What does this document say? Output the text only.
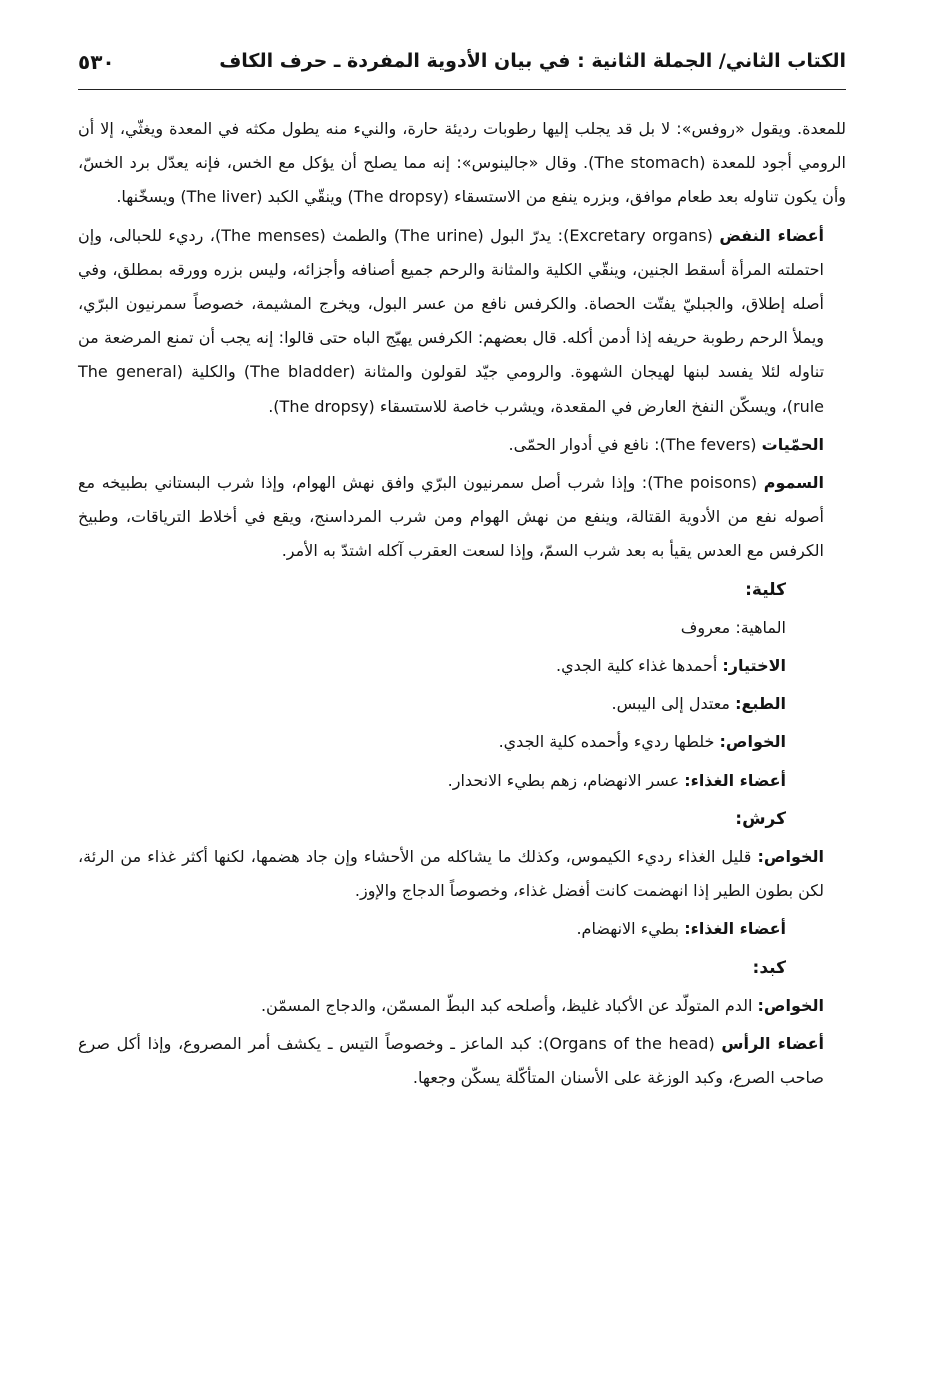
الكتاب الثاني/ الجملة الثانية : في بيان الأدوية المفردة ـ حرف الكاف
٥٣٠

للمعدة. ويقول «روفس»: لا بل قد يجلب إليها رطوبات رديئة حارة، والنيء منه يطول مكثه في المعدة ويغثّي، إلا أن الرومي أجود للمعدة (The stomach). وقال «جالينوس»: إنه مما يصلح أن يؤكل مع الخس، فإنه يعدّل برد الخسّ، وأن يكون تناوله بعد طعام موافق، وبزره ينفع من الاستسقاء (The dropsy) وينقّي الكبد (The liver) ويسخّنها.

أعضاء النفض (Excretary organs): يدرّ البول (The urine) والطمث (The menses)، رديء للحبالى، وإن احتملته المرأة أسقط الجنين، وينقّي الكلية والمثانة والرحم جميع أصنافه وأجزائه، وليس بزره وورقه بمطلق، وفي أصله إطلاق، والجبليّ يفتّت الحصاة. والكرفس نافع من عسر البول، ويخرج المشيمة، خصوصاً سمرنيون البرّي، ويملأ الرحم رطوبة حريفه إذا أدمن أكله. قال بعضهم: الكرفس يهيّج الباه حتى قالوا: إنه يجب أن تمنع المرضعة من تناوله لئلا يفسد لبنها لهيجان الشهوة. والرومي جيّد لقولون والمثانة (The bladder) والكلية (The general rule)، ويسكّن النفخ العارض في المقعدة، ويشرب خاصة للاستسقاء (The dropsy).

الحمّيات (The fevers): نافع في أدوار الحمّى.

السموم (The poisons): وإذا شرب أصل سمرنيون البرّي وافق نهش الهوام، وإذا شرب البستاني بطبيخه مع أصوله نفع من الأدوية القتالة، وينفع من نهش الهوام ومن شرب المرداسنج، ويقع في أخلاط الترياقات، وطبيخ الكرفس مع العدس يقيأ به بعد شرب السمّ، وإذا لسعت العقرب آكله اشتدّ به الأمر.

كلية:

الماهية: معروف

الاختيار: أحمدها غذاء كلية الجدي.

الطبع: معتدل إلى اليبس.

الخواص: خلطها رديء وأحمده كلية الجدي.

أعضاء الغذاء: عسر الانهضام، زهم بطيء الانحدار.

كرش:

الخواص: قليل الغذاء رديء الكيموس، وكذلك ما يشاكله من الأحشاء وإن جاد هضمها، لكنها أكثر غذاء من الرئة، لكن بطون الطير إذا انهضمت كانت أفضل غذاء، وخصوصاً الدجاج والإوز.

أعضاء الغذاء: بطيء الانهضام.

كبد:

الخواص: الدم المتولّد عن الأكباد غليظ، وأصلحه كبد البطّ المسمّن، والدجاج المسمّن.

أعضاء الرأس (Organs of the head): كبد الماعز ـ وخصوصاً التيس ـ يكشف أمر المصروع، وإذا أكل صرع صاحب الصرع، وكبد الوزغة على الأسنان المتأكّلة يسكّن وجعها.
